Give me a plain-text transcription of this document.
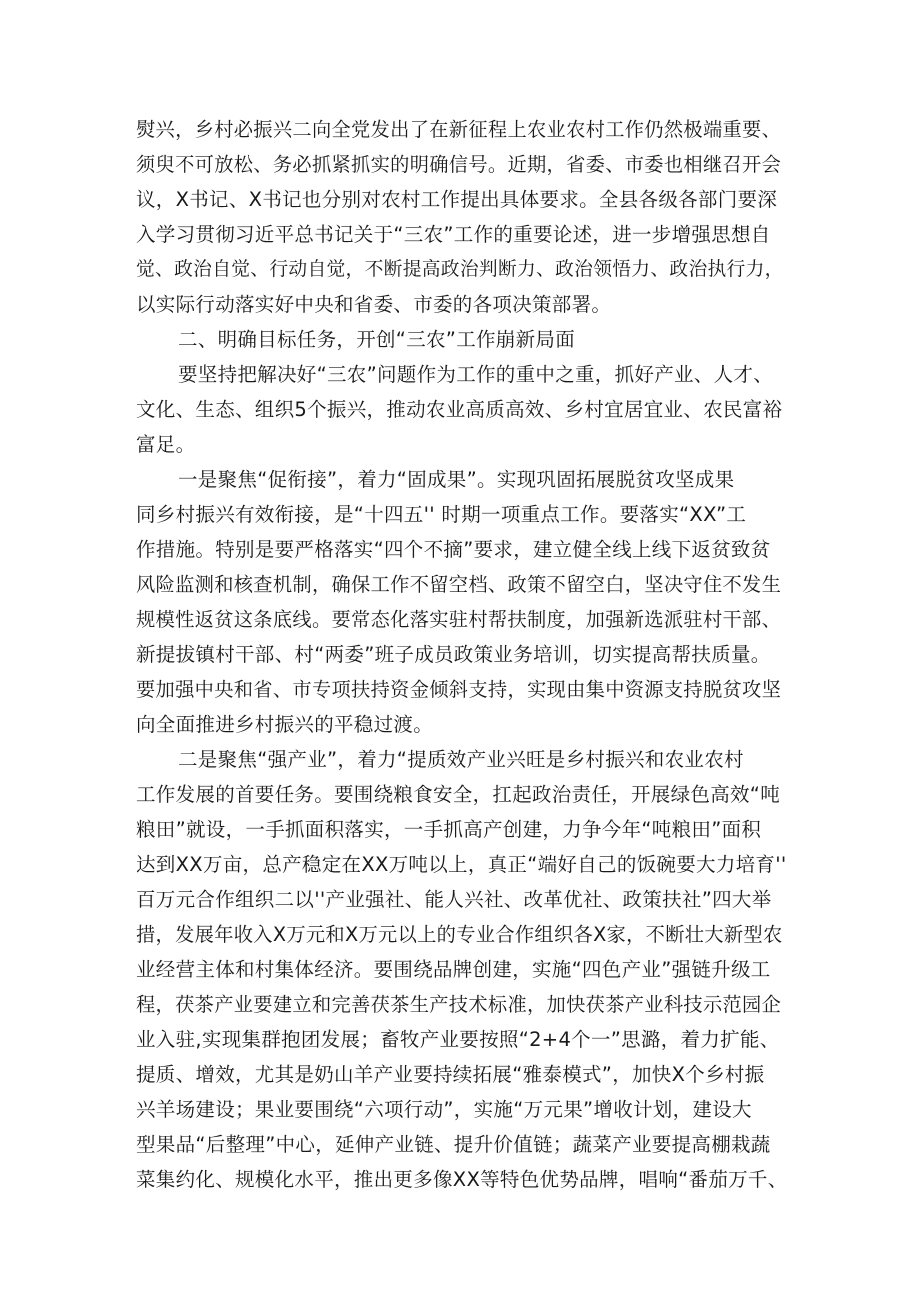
熨兴，乡村必振兴二向全党发出了在新征程上农业农村工作仍然极端重要、
须臾不可放松、务必抓紧抓实的明确信号。近期，省委、市委也相继召开会
议，X书记、X书记也分别对农村工作提出具体要求。全县各级各部门要深
入学习贯彻习近平总书记关于“三农”工作的重要论述，进一步增强思想自
觉、政治自觉、行动自觉，不断提高政治判断力、政治领悟力、政治执行力，
以实际行动落实好中央和省委、市委的各项决策部署。
二、明确目标任务，开创“三农”工作崩新局面
要坚持把解决好“三农”问题作为工作的重中之重，抓好产业、人才、
文化、生态、组织5个振兴，推动农业高质高效、乡村宜居宜业、农民富裕
富足。
一是聚焦“促衔接”，着力“固成果”。实现巩固拓展脱贫攻坚成果
同乡村振兴有效衔接，是“十四五'' 时期一项重点工作。要落实“XX”工
作措施。特别是要严格落实“四个不摘”要求，建立健全线上线下返贫致贫
风险监测和核查机制，确保工作不留空档、政策不留空白，坚决守住不发生
规模性返贫这条底线。要常态化落实驻村帮扶制度，加强新选派驻村干部、
新提拔镇村干部、村“两委”班子成员政策业务培训，切实提高帮扶质量。
要加强中央和省、市专项扶持资金倾斜支持，实现由集中资源支持脱贫攻坚
向全面推进乡村振兴的平稳过渡。
二是聚焦“强产业”，着力“提质效产业兴旺是乡村振兴和农业农村
工作发展的首要任务。要围绕粮食安全，扛起政治责任，开展绿色高效“吨
粮田”就设，一手抓面积落实，一手抓高产创建，力争今年“吨粮田”面积
达到XX万亩，总产稳定在XX万吨以上，真正“端好自己的饭碗要大力培育''
百万元合作组织二以''产业强社、能人兴社、改革优社、政策扶社”四大举
措，发展年收入X万元和X万元以上的专业合作组织各X家，不断壮大新型农
业经营主体和村集体经济。要围绕品牌创建，实施“四色产业”强链升级工
程，茯茶产业要建立和完善茯茶生产技术标准，加快茯茶产业科技示范园企
业入驻,实现集群抱团发展；畜牧产业要按照“2+4个一”思潞，着力扩能、
提质、增效，尤其是奶山羊产业要持续拓展“雅泰模式”，加快X个乡村振
兴羊场建设；果业要围绕“六项行动”，实施“万元果”增收计划，建设大
型果品“后整理”中心，延伸产业链、提升价值链；蔬菜产业要提高棚栽蔬
菜集约化、规模化水平，推出更多像XX等特色优势品牌，唱响“番茄万千、
